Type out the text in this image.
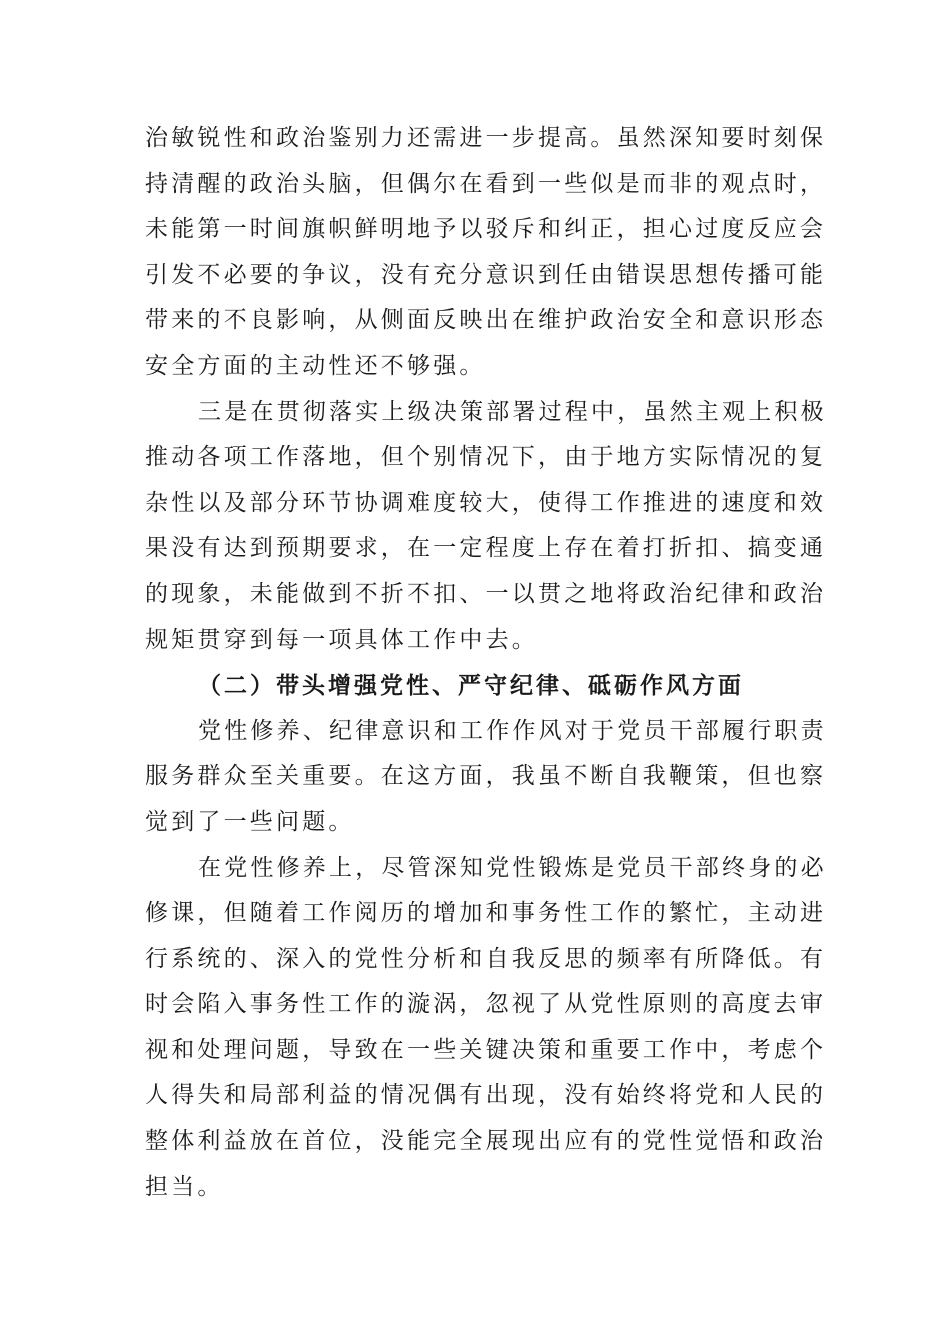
治敏锐性和政治鉴别力还需进一步提高。虽然深知要时刻保
持清醒的政治头脑，但偶尔在看到一些似是而非的观点时，
未能第一时间旗帜鲜明地予以驳斥和纠正，担心过度反应会
引发不必要的争议，没有充分意识到任由错误思想传播可能
带来的不良影响，从侧面反映出在维护政治安全和意识形态
安全方面的主动性还不够强。
三是在贯彻落实上级决策部署过程中，虽然主观上积极
推动各项工作落地，但个别情况下，由于地方实际情况的复
杂性以及部分环节协调难度较大，使得工作推进的速度和效
果没有达到预期要求，在一定程度上存在着打折扣、搞变通
的现象，未能做到不折不扣、一以贯之地将政治纪律和政治
规矩贯穿到每一项具体工作中去。
（二）带头增强党性、严守纪律、砥砺作风方面
党性修养、纪律意识和工作作风对于党员干部履行职责
服务群众至关重要。在这方面，我虽不断自我鞭策，但也察
觉到了一些问题。
在党性修养上，尽管深知党性锻炼是党员干部终身的必
修课，但随着工作阅历的增加和事务性工作的繁忙，主动进
行系统的、深入的党性分析和自我反思的频率有所降低。有
时会陷入事务性工作的漩涡，忽视了从党性原则的高度去审
视和处理问题，导致在一些关键决策和重要工作中，考虑个
人得失和局部利益的情况偶有出现，没有始终将党和人民的
整体利益放在首位，没能完全展现出应有的党性觉悟和政治
担当。
